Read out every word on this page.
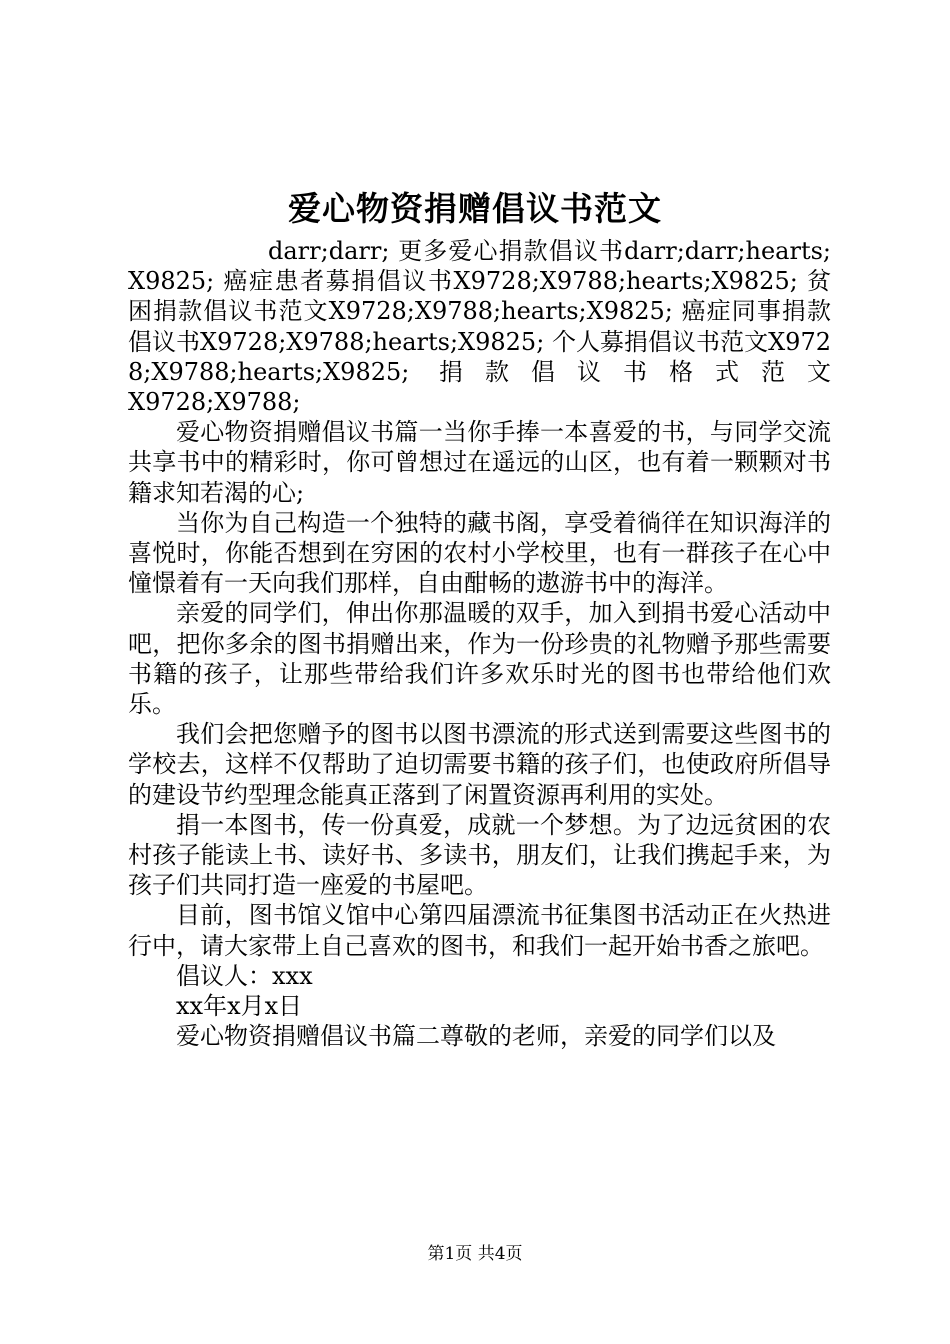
爱心物资捐赠倡议书范文
darr;darr; 更多爱心捐款倡议书darr;darr;hearts;X9825; 癌症患者募捐倡议书X9728;X9788;hearts;X9825; 贫困捐款倡议书范文X9728;X9788;hearts;X9825; 癌症同事捐款倡议书X9728;X9788;hearts;X9825; 个人募捐倡议书范文X9728;X9788;hearts;X9825; 捐款倡议书格式范文
X9728;X9788;

爱心物资捐赠倡议书篇一当你手捧一本喜爱的书，与同学交流共享书中的精彩时，你可曾想过在遥远的山区，也有着一颗颗对书籍求知若渴的心;

当你为自己构造一个独特的藏书阁，享受着徜徉在知识海洋的喜悦时，你能否想到在穷困的农村小学校里，也有一群孩子在心中憧憬着有一天向我们那样，自由酣畅的遨游书中的海洋。

亲爱的同学们，伸出你那温暖的双手，加入到捐书爱心活动中吧，把你多余的图书捐赠出来，作为一份珍贵的礼物赠予那些需要书籍的孩子，让那些带给我们许多欢乐时光的图书也带给他们欢乐。

我们会把您赠予的图书以图书漂流的形式送到需要这些图书的学校去，这样不仅帮助了迫切需要书籍的孩子们，也使政府所倡导的建设节约型理念能真正落到了闲置资源再利用的实处。

捐一本图书，传一份真爱，成就一个梦想。为了边远贫困的农村孩子能读上书、读好书、多读书，朋友们，让我们携起手来，为孩子们共同打造一座爱的书屋吧。

目前，图书馆义馆中心第四届漂流书征集图书活动正在火热进行中，请大家带上自己喜欢的图书，和我们一起开始书香之旅吧。

倡议人：xxx

xx年x月x日

爱心物资捐赠倡议书篇二尊敬的老师，亲爱的同学们以及

第1页 共4页
